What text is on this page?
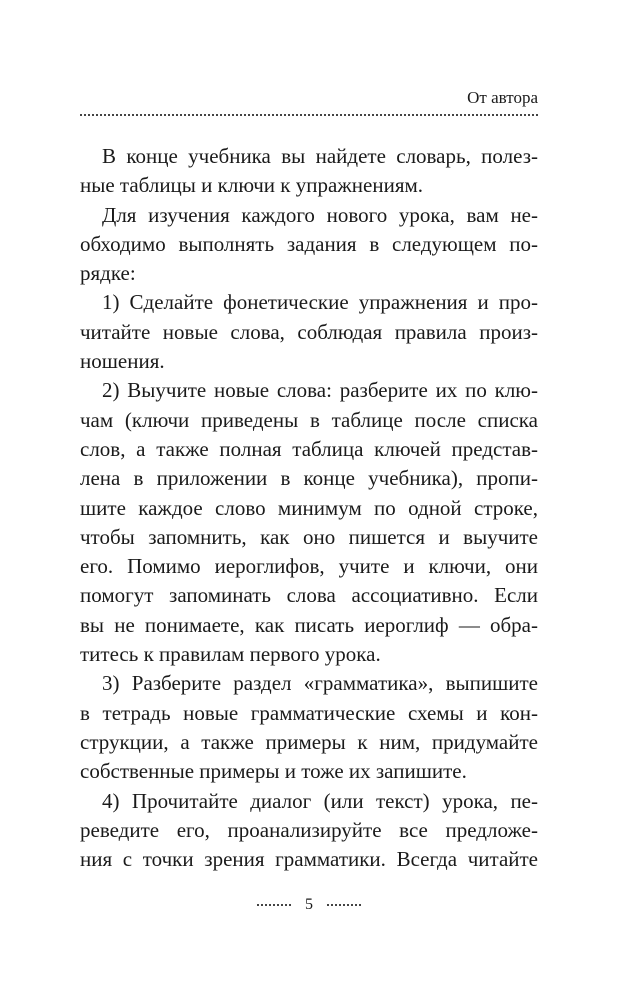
От автора
В конце учебника вы найдете словарь, полез-
ные таблицы и ключи к упражнениям.
Для изучения каждого нового урока, вам не-
обходимо выполнять задания в следующем по-
рядке:
1) Сделайте фонетические упражнения и про-
читайте новые слова, соблюдая правила произ-
ношения.
2) Выучите новые слова: разберите их по клю-
чам (ключи приведены в таблице после списка
слов, а также полная таблица ключей представ-
лена в приложении в конце учебника), пропи-
шите каждое слово минимум по одной строке,
чтобы запомнить, как оно пишется и выучите
его. Помимо иероглифов, учите и ключи, они
помогут запоминать слова ассоциативно. Если
вы не понимаете, как писать иероглиф — обра-
титесь к правилам первого урока.
3) Разберите раздел «грамматика», выпишите
в тетрадь новые грамматические схемы и кон-
струкции, а также примеры к ним, придумайте
собственные примеры и тоже их запишите.
4) Прочитайте диалог (или текст) урока, пе-
реведите его, проанализируйте все предложе-
ния с точки зрения грамматики. Всегда читайте
5
